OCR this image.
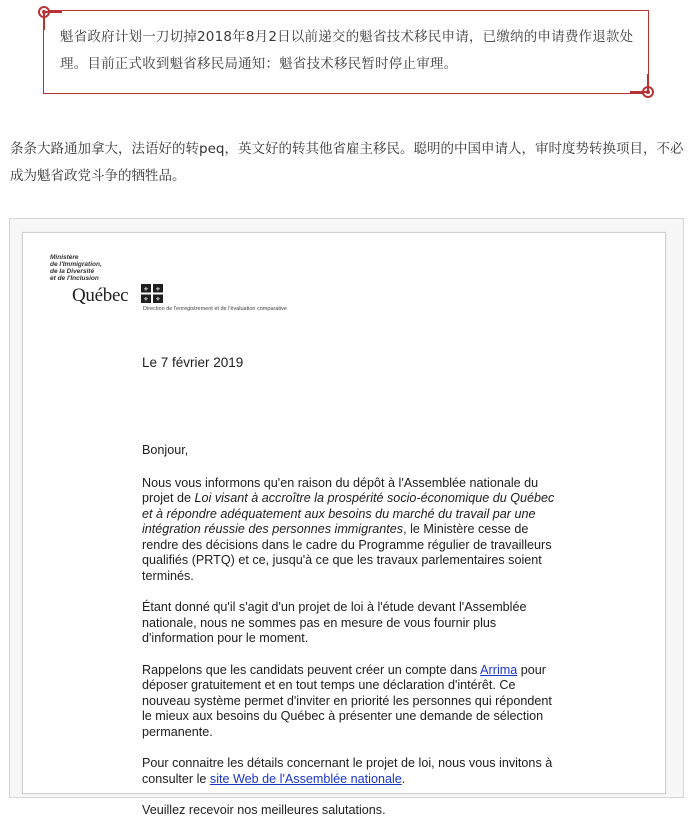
魁省政府计划一刀切掉2018年8月2日以前递交的魁省技术移民申请，已缴纳的申请费作退款处理。目前正式收到魁省移民局通知：魁省技术移民暂时停止审理。
条条大路通加拿大，法语好的转peq，英文好的转其他省雇主移民。聪明的中国申请人，审时度势转换项目，不必成为魁省政党斗争的牺牲品。
Ministère
de l'Immigration,
de la Diversité
et de l'Inclusion
Québec	⚜ ⚜
⚜ ⚜
Direction de l'enregistrement et de l'évaluation comparative
Le 7 février 2019

Bonjour,

Nous vous informons qu'en raison du dépôt à l'Assemblée nationale du projet de Loi visant à accroître la prospérité socio-économique du Québec et à répondre adéquatement aux besoins du marché du travail par une intégration réussie des personnes immigrantes, le Ministère cesse de rendre des décisions dans le cadre du Programme régulier de travailleurs qualifiés (PRTQ) et ce, jusqu'à ce que les travaux parlementaires soient terminés.

Étant donné qu'il s'agit d'un projet de loi à l'étude devant l'Assemblée nationale, nous ne sommes pas en mesure de vous fournir plus d'information pour le moment.

Rappelons que les candidats peuvent créer un compte dans Arrima pour déposer gratuitement et en tout temps une déclaration d'intérêt. Ce nouveau système permet d'inviter en priorité les personnes qui répondent le mieux aux besoins du Québec à présenter une demande de sélection permanente.

Pour connaitre les détails concernant le projet de loi, nous vous invitons à consulter le site Web de l'Assemblée nationale.

Veuillez recevoir nos meilleures salutations.
